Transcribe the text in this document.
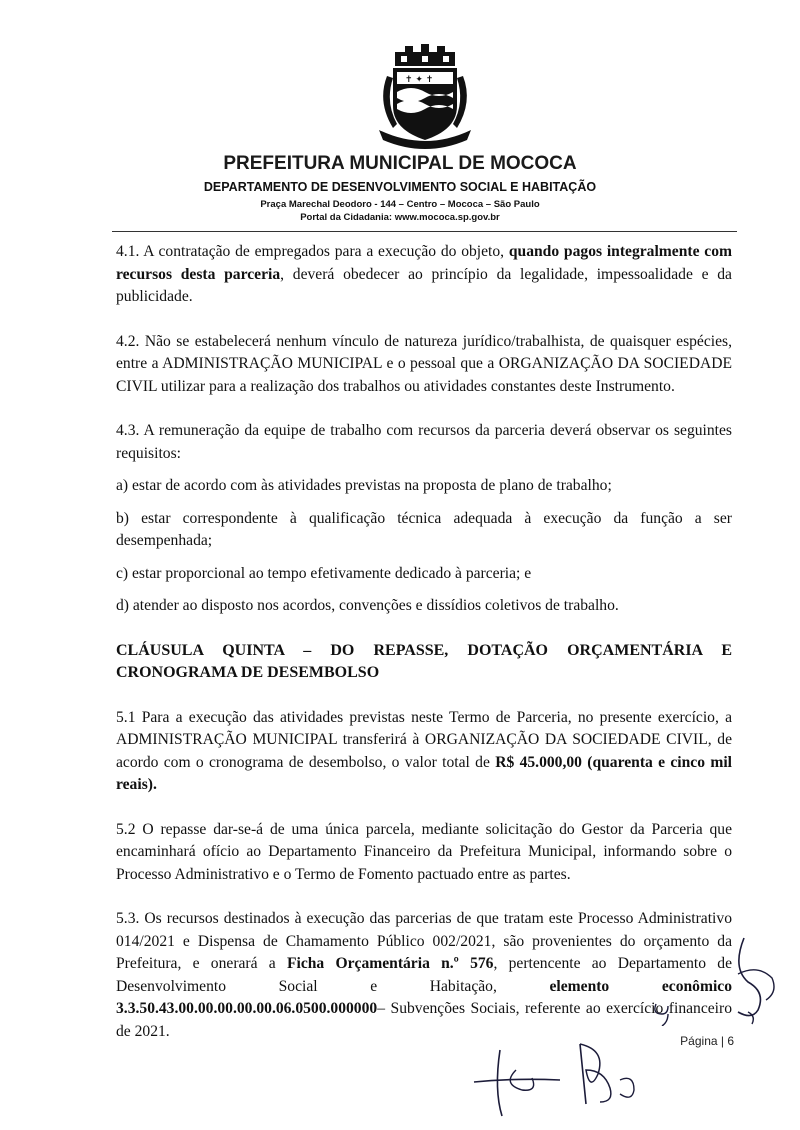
✝ ✦ ✝
PREFEITURA MUNICIPAL DE MOCOCA
DEPARTAMENTO DE DESENVOLVIMENTO SOCIAL E HABITAÇÃO
Praça Marechal Deodoro - 144 – Centro – Mococa – São Paulo
Portal da Cidadania: www.mococa.sp.gov.br

4.1. A contratação de empregados para a execução do objeto, quando pagos integralmente com recursos desta parceria, deverá obedecer ao princípio da legalidade, impessoalidade e da publicidade.

4.2. Não se estabelecerá nenhum vínculo de natureza jurídico/trabalhista, de quaisquer espécies, entre a ADMINISTRAÇÃO MUNICIPAL e o pessoal que a ORGANIZAÇÃO DA SOCIEDADE CIVIL utilizar para a realização dos trabalhos ou atividades constantes deste Instrumento.

4.3. A remuneração da equipe de trabalho com recursos da parceria deverá observar os seguintes requisitos:

a) estar de acordo com às atividades previstas na proposta de plano de trabalho;

b) estar correspondente à qualificação técnica adequada à execução da função a ser desempenhada;

c) estar proporcional ao tempo efetivamente dedicado à parceria; e

d) atender ao disposto nos acordos, convenções e dissídios coletivos de trabalho.

CLÁUSULA QUINTA – DO REPASSE, DOTAÇÃO ORÇAMENTÁRIA E CRONOGRAMA DE DESEMBOLSO

5.1 Para a execução das atividades previstas neste Termo de Parceria, no presente exercício, a ADMINISTRAÇÃO MUNICIPAL transferirá à ORGANIZAÇÃO DA SOCIEDADE CIVIL, de acordo com o cronograma de desembolso, o valor total de R$ 45.000,00 (quarenta e cinco mil reais).

5.2 O repasse dar-se-á de uma única parcela, mediante solicitação do Gestor da Parceria que encaminhará ofício ao Departamento Financeiro da Prefeitura Municipal, informando sobre o Processo Administrativo e o Termo de Fomento pactuado entre as partes.

5.3. Os recursos destinados à execução das parcerias de que tratam este Processo Administrativo 014/2021 e Dispensa de Chamamento Público 002/2021, são provenientes do orçamento da Prefeitura, e onerará a Ficha Orçamentária n.º 576, pertencente ao Departamento de Desenvolvimento Social e Habitação, elemento econômico 3.3.50.43.00.00.00.00.00.06.0500.000000– Subvenções Sociais, referente ao exercício financeiro de 2021.

Página | 6
